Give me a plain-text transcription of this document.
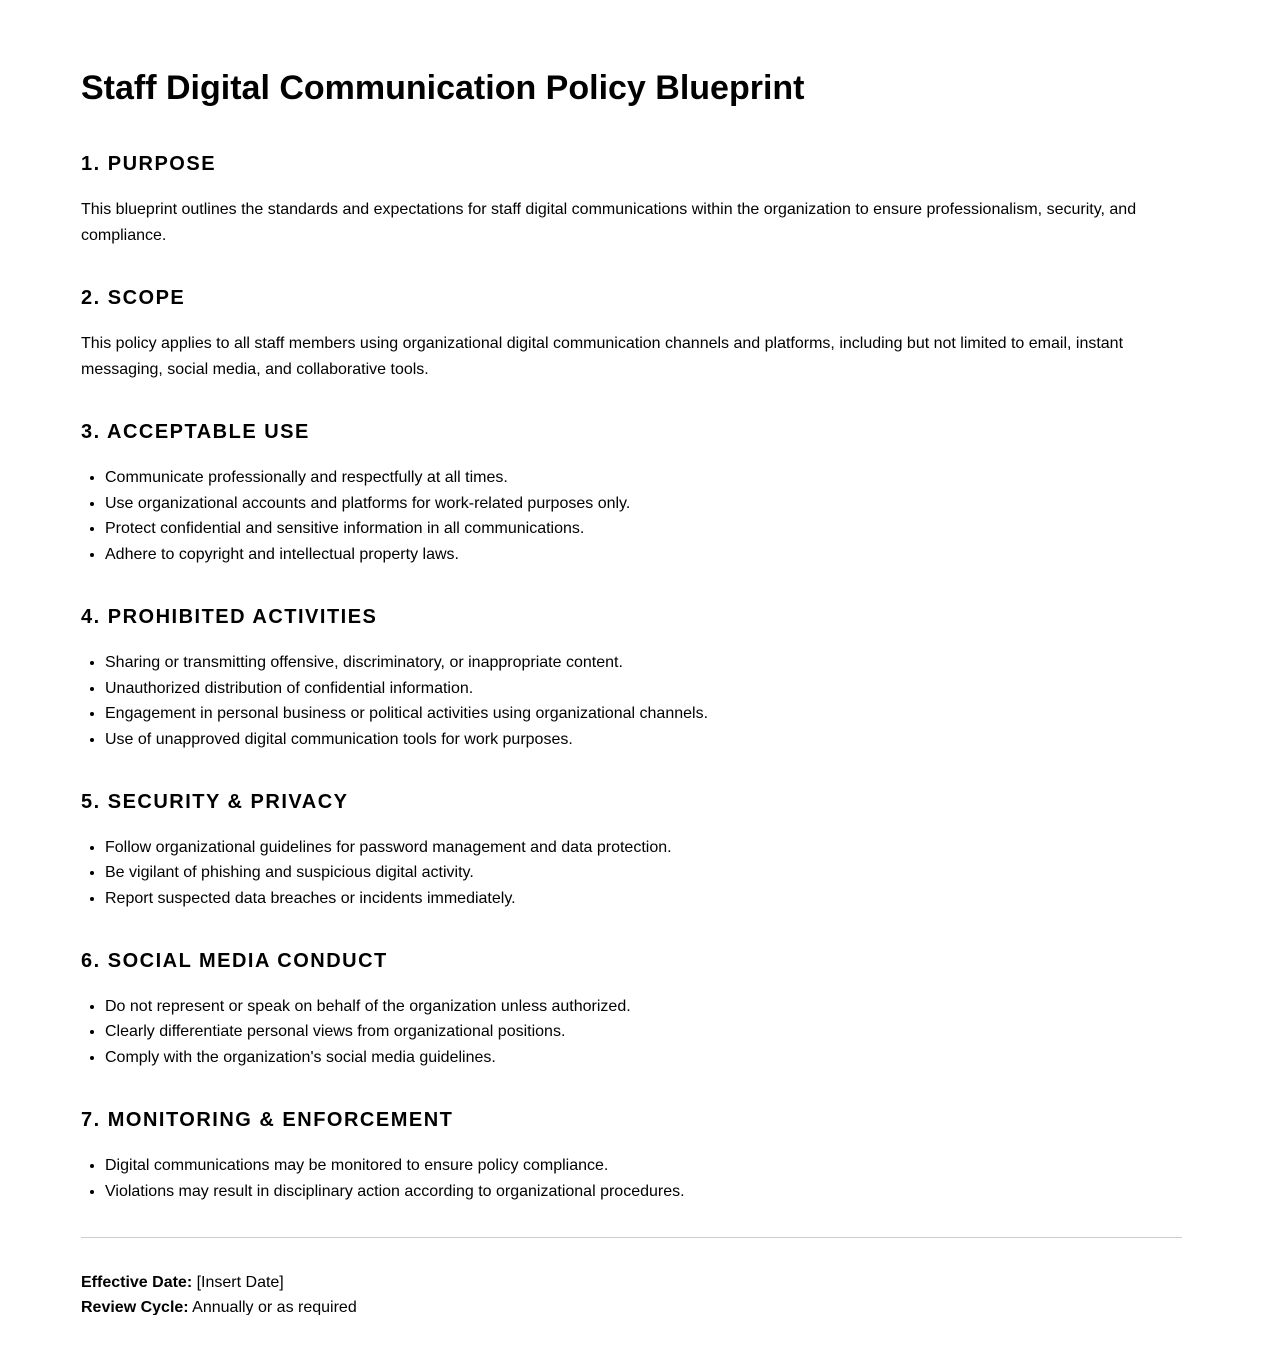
Staff Digital Communication Policy Blueprint
1. PURPOSE

This blueprint outlines the standards and expectations for staff digital communications within the organization to ensure professionalism, security, and compliance.

2. SCOPE

This policy applies to all staff members using organizational digital communication channels and platforms, including but not limited to email, instant messaging, social media, and collaborative tools.

3. ACCEPTABLE USE
• Communicate professionally and respectfully at all times.
• Use organizational accounts and platforms for work-related purposes only.
• Protect confidential and sensitive information in all communications.
• Adhere to copyright and intellectual property laws.
4. PROHIBITED ACTIVITIES
• Sharing or transmitting offensive, discriminatory, or inappropriate content.
• Unauthorized distribution of confidential information.
• Engagement in personal business or political activities using organizational channels.
• Use of unapproved digital communication tools for work purposes.
5. SECURITY & PRIVACY
• Follow organizational guidelines for password management and data protection.
• Be vigilant of phishing and suspicious digital activity.
• Report suspected data breaches or incidents immediately.
6. SOCIAL MEDIA CONDUCT
• Do not represent or speak on behalf of the organization unless authorized.
• Clearly differentiate personal views from organizational positions.
• Comply with the organization's social media guidelines.
7. MONITORING & ENFORCEMENT
• Digital communications may be monitored to ensure policy compliance.
• Violations may result in disciplinary action according to organizational procedures.

Effective Date: [Insert Date]

Review Cycle: Annually or as required
